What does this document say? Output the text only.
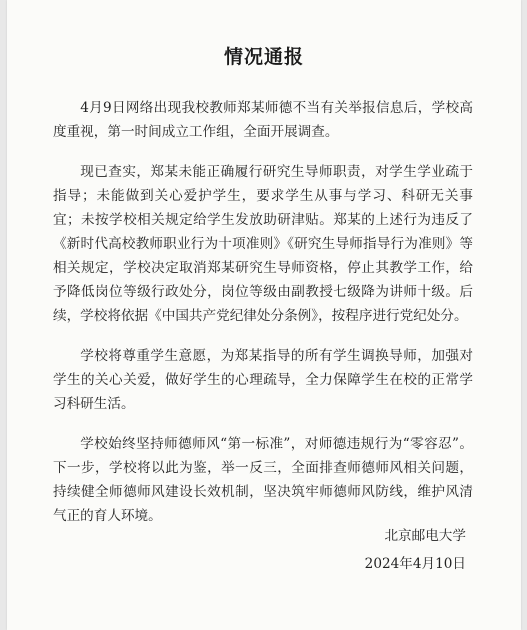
情况通报

4月9日网络出现我校教师郑某师德不当有关举报信息后，学校高度重视，第一时间成立工作组，全面开展调查。

现已查实，郑某未能正确履行研究生导师职责，对学生学业疏于指导；未能做到关心爱护学生，要求学生从事与学习、科研无关事宜；未按学校相关规定给学生发放助研津贴。郑某的上述行为违反了《新时代高校教师职业行为十项准则》《研究生导师指导行为准则》等相关规定，学校决定取消郑某研究生导师资格，停止其教学工作，给予降低岗位等级行政处分，岗位等级由副教授七级降为讲师十级。后续，学校将依据《中国共产党纪律处分条例》，按程序进行党纪处分。

学校将尊重学生意愿，为郑某指导的所有学生调换导师，加强对学生的关心关爱，做好学生的心理疏导，全力保障学生在校的正常学习科研生活。

学校始终坚持师德师风“第一标准”，对师德违规行为“零容忍”。下一步，学校将以此为鉴，举一反三，全面排查师德师风相关问题，持续健全师德师风建设长效机制，坚决筑牢师德师风防线，维护风清气正的育人环境。

北京邮电大学
2024年4月10日
